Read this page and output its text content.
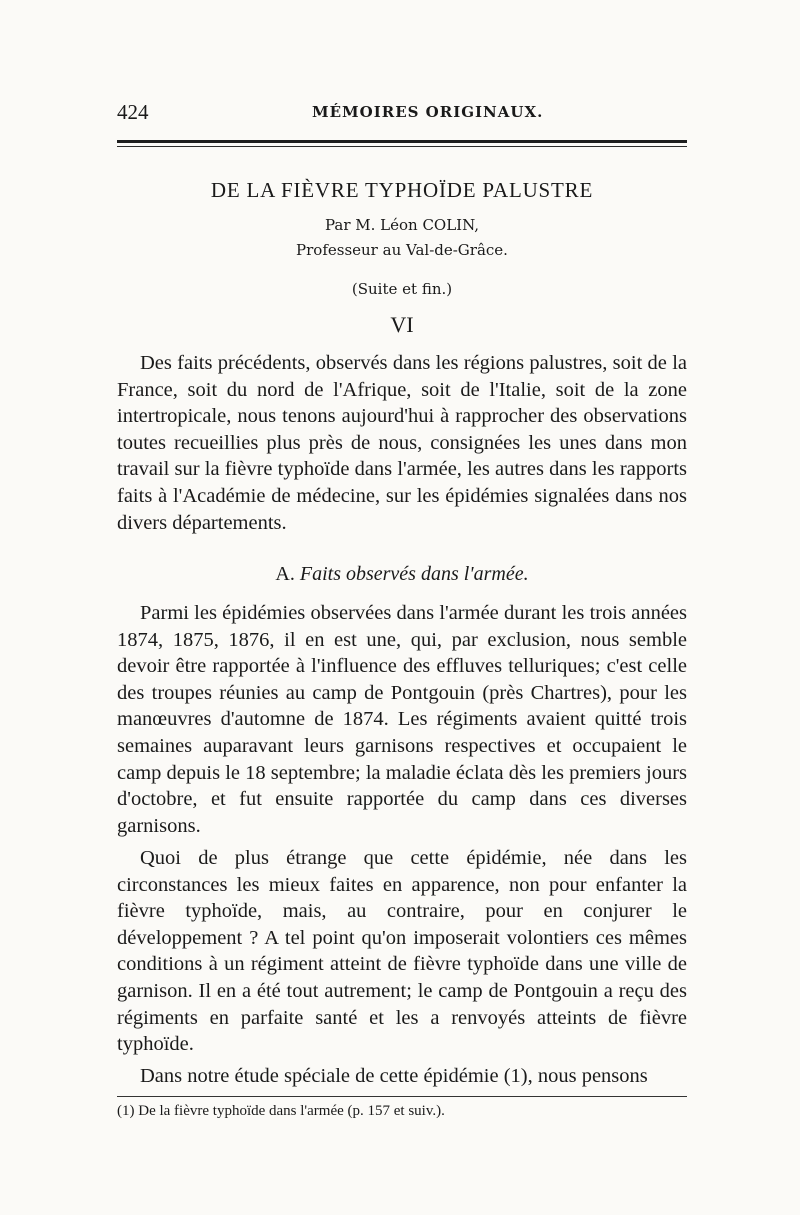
424	MÉMOIRES ORIGINAUX.
DE LA FIÈVRE TYPHOÏDE PALUSTRE
Par M. Léon COLIN,
Professeur au Val-de-Grâce.
(Suite et fin.)
VI

Des faits précédents, observés dans les régions palustres, soit de la France, soit du nord de l'Afrique, soit de l'Italie, soit de la zone intertropicale, nous tenons aujourd'hui à rapprocher des observations toutes recueillies plus près de nous, consignées les unes dans mon travail sur la fièvre typhoïde dans l'armée, les autres dans les rapports faits à l'Académie de médecine, sur les épidémies signalées dans nos divers départements.

A. Faits observés dans l'armée.

Parmi les épidémies observées dans l'armée durant les trois années 1874, 1875, 1876, il en est une, qui, par exclusion, nous semble devoir être rapportée à l'influence des effluves telluriques; c'est celle des troupes réunies au camp de Pontgouin (près Chartres), pour les manœuvres d'automne de 1874. Les régiments avaient quitté trois semaines auparavant leurs garnisons respectives et occupaient le camp depuis le 18 septembre; la maladie éclata dès les premiers jours d'octobre, et fut ensuite rapportée du camp dans ces diverses garnisons.

Quoi de plus étrange que cette épidémie, née dans les circonstances les mieux faites en apparence, non pour enfanter la fièvre typhoïde, mais, au contraire, pour en conjurer le développement ? A tel point qu'on imposerait volontiers ces mêmes conditions à un régiment atteint de fièvre typhoïde dans une ville de garnison. Il en a été tout autrement; le camp de Pontgouin a reçu des régiments en parfaite santé et les a renvoyés atteints de fièvre typhoïde.

Dans notre étude spéciale de cette épidémie (1), nous pensons

(1) De la fièvre typhoïde dans l'armée (p. 157 et suiv.).
